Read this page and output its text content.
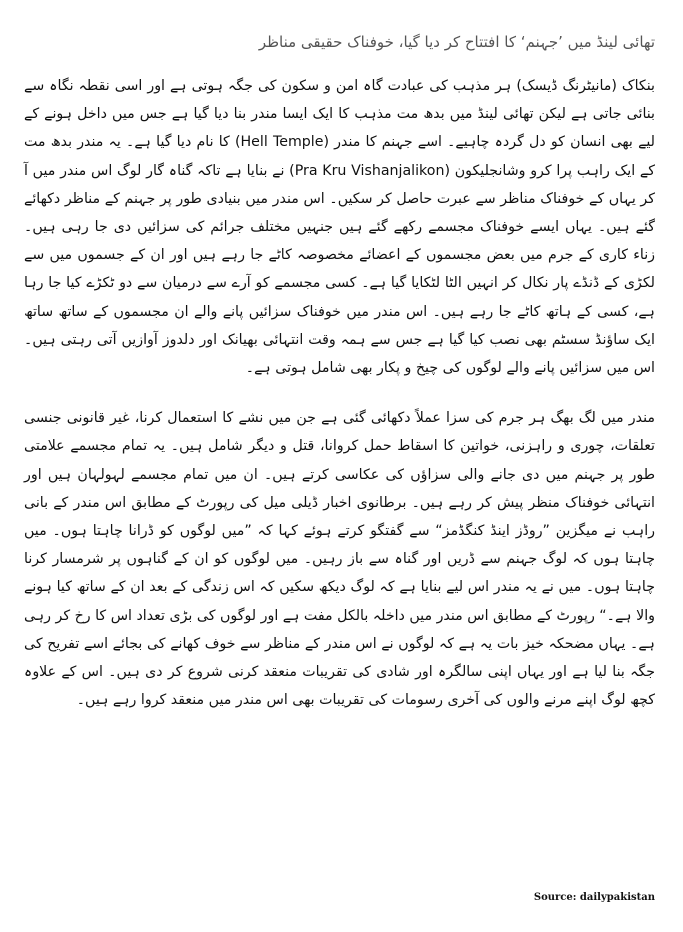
تھائی لینڈ میں ’جہنم‘ کا افتتاح کر دیا گیا، خوفناک حقیقی مناظر

بنکاک (مانیٹرنگ ڈیسک) ہر مذہب کی عبادت گاہ امن و سکون کی جگہ ہوتی ہے اور اسی نقطہ نگاہ سے بنائی جاتی ہے لیکن تھائی لینڈ میں بدھ مت مذہب کا ایک ایسا مندر بنا دیا گیا ہے جس میں داخل ہونے کے لیے بھی انسان کو دل گردہ چاہیے۔ اسے جہنم کا مندر (Hell Temple) کا نام دیا گیا ہے۔ یہ مندر بدھ مت کے ایک راہب پرا کرو وشانجلیکون (Pra Kru Vishanjalikon) نے بنایا ہے تاکہ گناہ گار لوگ اس مندر میں آ کر یہاں کے خوفناک مناظر سے عبرت حاصل کر سکیں۔ اس مندر میں بنیادی طور پر جہنم کے مناظر دکھائے گئے ہیں۔ یہاں ایسے خوفناک مجسمے رکھے گئے ہیں جنہیں مختلف جرائم کی سزائیں دی جا رہی ہیں۔ زناء کاری کے جرم میں بعض مجسموں کے اعضائے مخصوصہ کاٹے جا رہے ہیں اور ان کے جسموں میں سے لکڑی کے ڈنڈے پار نکال کر انہیں الٹا لٹکایا گیا ہے۔ کسی مجسمے کو آرے سے درمیان سے دو ٹکڑے کیا جا رہا ہے، کسی کے ہاتھ کاٹے جا رہے ہیں۔ اس مندر میں خوفناک سزائیں پانے والے ان مجسموں کے ساتھ ساتھ ایک ساؤنڈ سسٹم بھی نصب کیا گیا ہے جس سے ہمہ وقت انتہائی بھیانک اور دلدوز آوازیں آتی رہتی ہیں۔ اس میں سزائیں پانے والے لوگوں کی چیخ و پکار بھی شامل ہوتی ہے۔

مندر میں لگ بھگ ہر جرم کی سزا عملاً دکھائی گئی ہے جن میں نشے کا استعمال کرنا، غیر قانونی جنسی تعلقات، چوری و راہزنی، خواتین کا اسقاط حمل کروانا، قتل و دیگر شامل ہیں۔ یہ تمام مجسمے علامتی طور پر جہنم میں دی جانے والی سزاؤں کی عکاسی کرتے ہیں۔ ان میں تمام مجسمے لہولہان ہیں اور انتہائی خوفناک منظر پیش کر رہے ہیں۔ برطانوی اخبار ڈیلی میل کی رپورٹ کے مطابق اس مندر کے بانی راہب نے میگزین ”روڈز اینڈ کنگڈمز“ سے گفتگو کرتے ہوئے کہا کہ ”میں لوگوں کو ڈرانا چاہتا ہوں۔ میں چاہتا ہوں کہ لوگ جہنم سے ڈریں اور گناہ سے باز رہیں۔ میں لوگوں کو ان کے گناہوں پر شرمسار کرنا چاہتا ہوں۔ میں نے یہ مندر اس لیے بنایا ہے کہ لوگ دیکھ سکیں کہ اس زندگی کے بعد ان کے ساتھ کیا ہونے والا ہے۔“ رپورٹ کے مطابق اس مندر میں داخلہ بالکل مفت ہے اور لوگوں کی بڑی تعداد اس کا رخ کر رہی ہے۔ یہاں مضحکہ خیز بات یہ ہے کہ لوگوں نے اس مندر کے مناظر سے خوف کھانے کی بجائے اسے تفریح کی جگہ بنا لیا ہے اور یہاں اپنی سالگرہ اور شادی کی تقریبات منعقد کرنی شروع کر دی ہیں۔ اس کے علاوہ کچھ لوگ اپنے مرنے والوں کی آخری رسومات کی تقریبات بھی اس مندر میں منعقد کروا رہے ہیں۔

Source: dailypakistan
